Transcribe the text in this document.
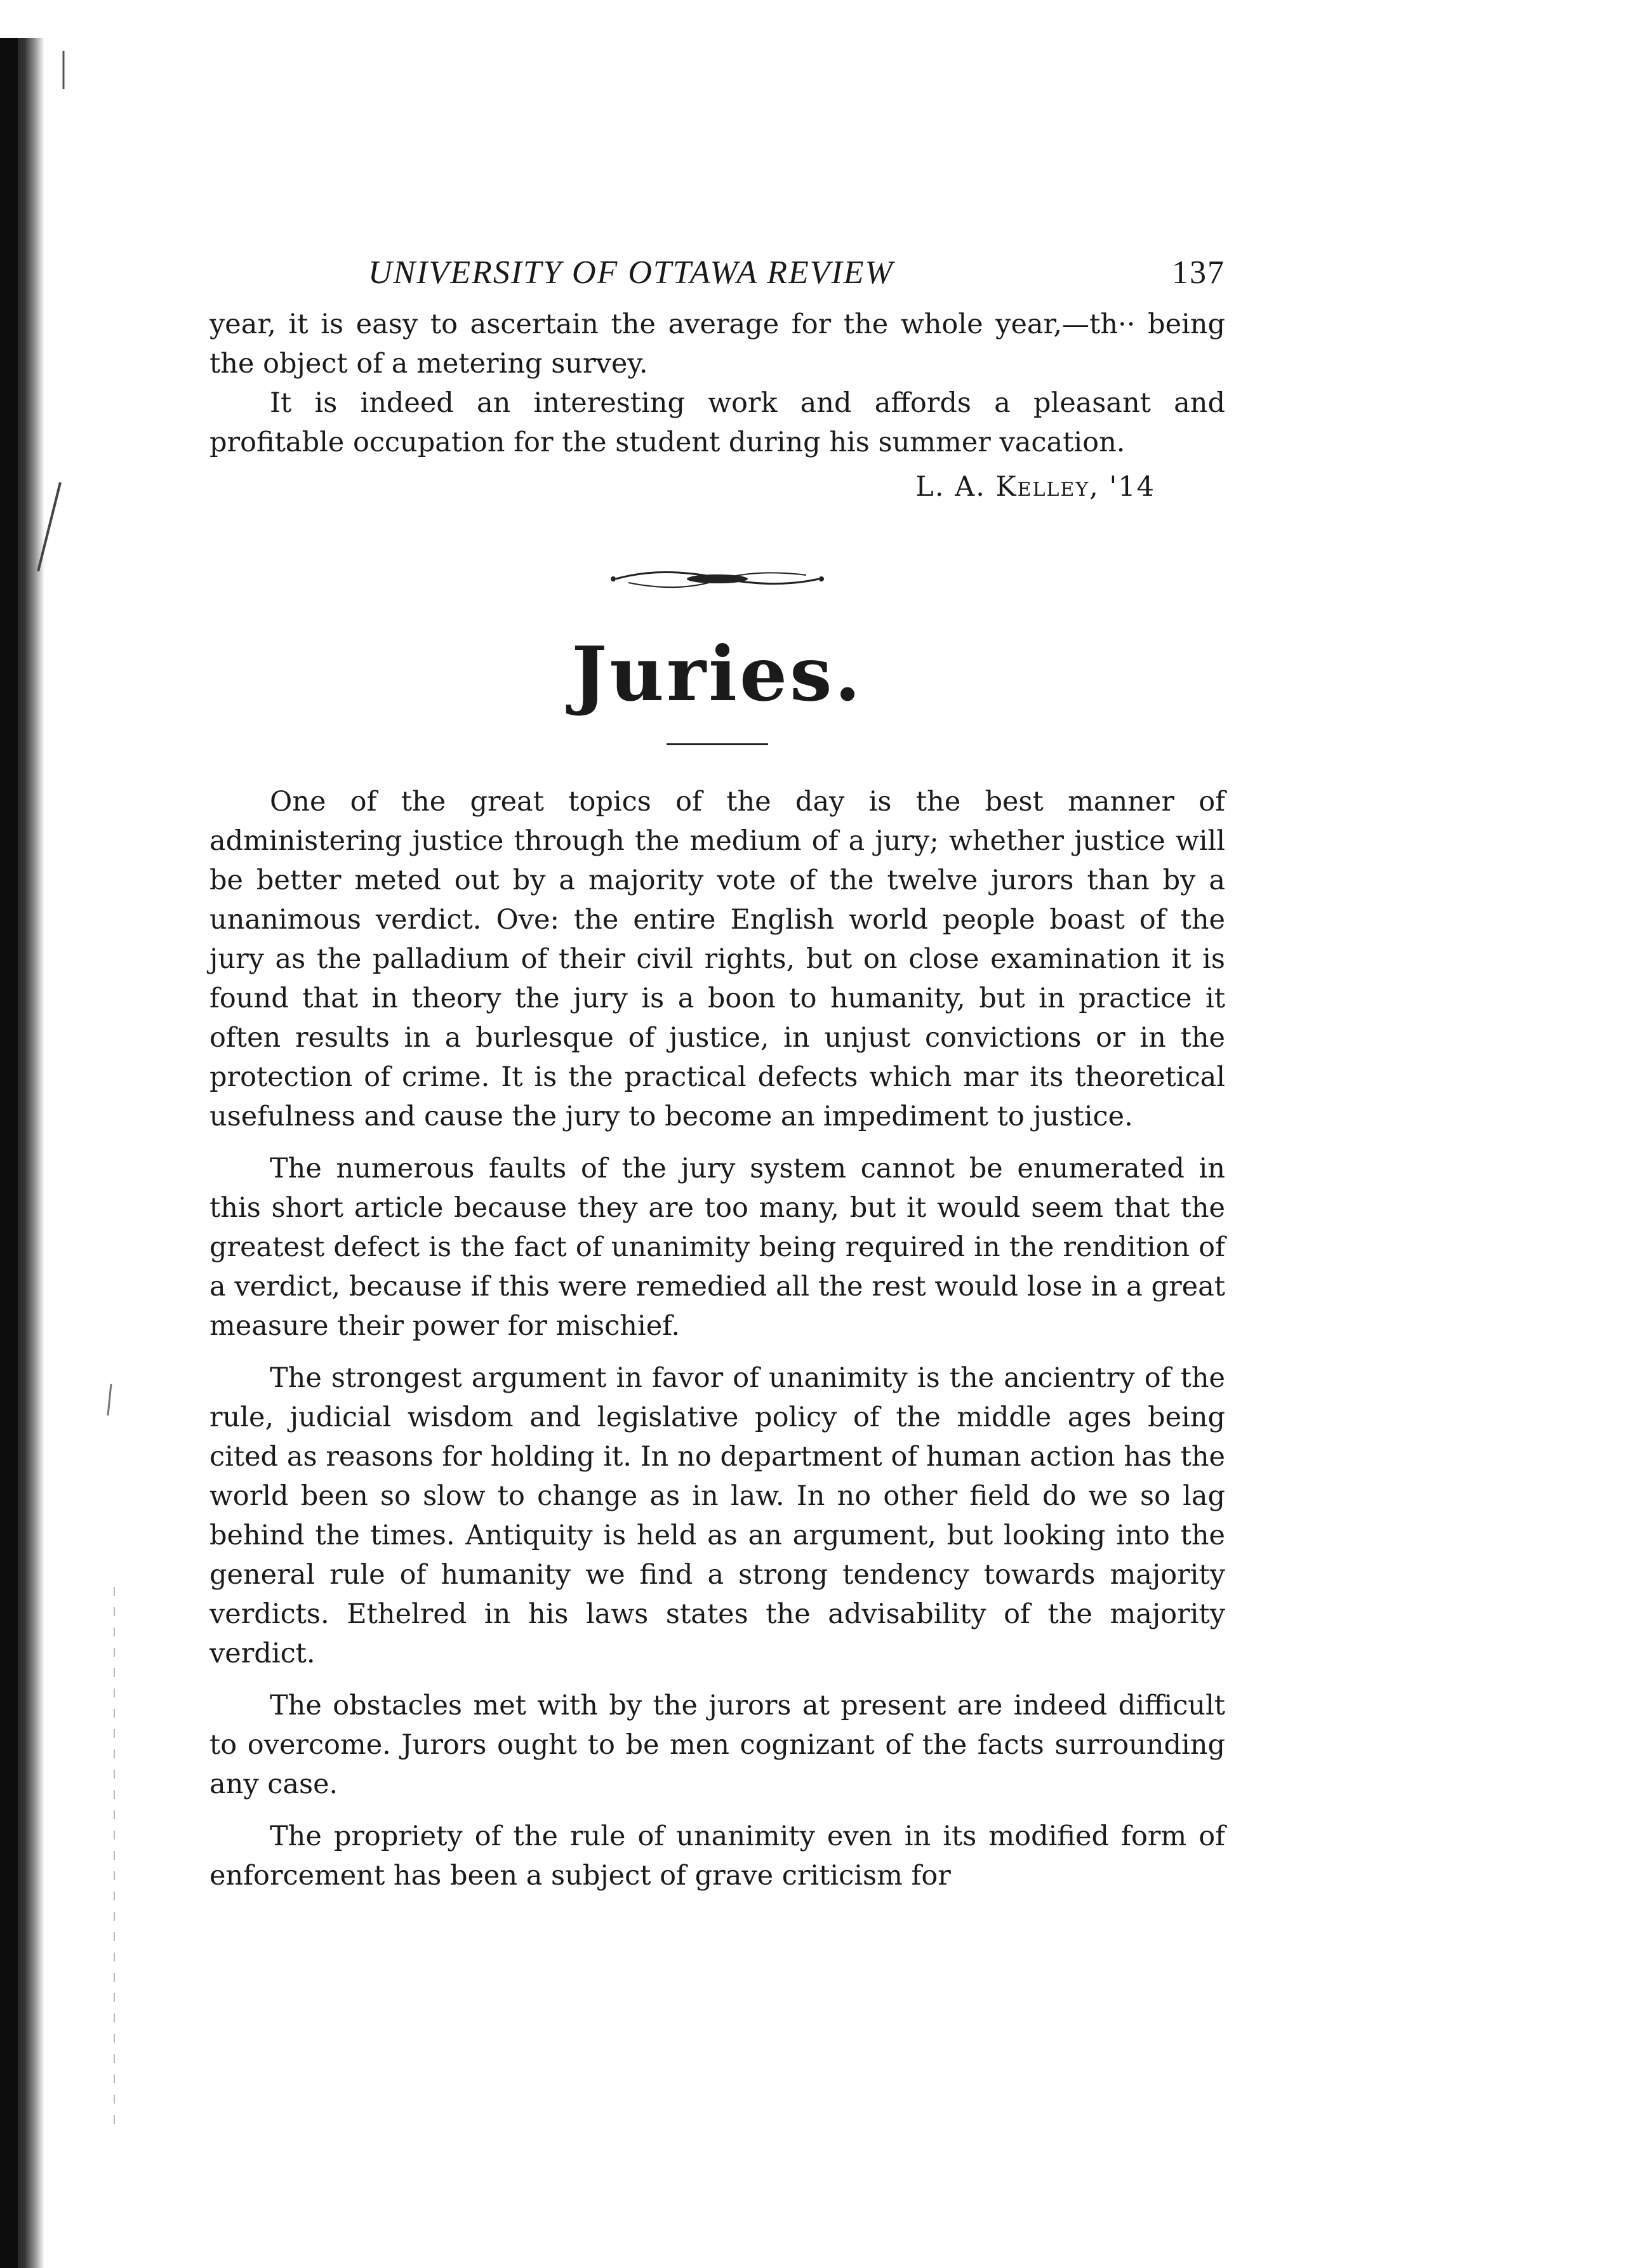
UNIVERSITY OF OTTAWA REVIEW	137

year, it is easy to ascertain the average for the whole year,—th·· being the object of a metering survey.

It is indeed an interesting work and affords a pleasant and profitable occupation for the student during his summer vacation.

L. A. Kelley, '14
Juries.

One of the great topics of the day is the best manner of administering justice through the medium of a jury; whether justice will be better meted out by a majority vote of the twelve jurors than by a unanimous verdict. Ove: the entire English world people boast of the jury as the palladium of their civil rights, but on close examination it is found that in theory the jury is a boon to humanity, but in practice it often results in a burlesque of justice, in unjust convictions or in the protection of crime. It is the practical defects which mar its theoretical usefulness and cause the jury to become an impediment to justice.

The numerous faults of the jury system cannot be enumerated in this short article because they are too many, but it would seem that the greatest defect is the fact of unanimity being required in the rendition of a verdict, because if this were remedied all the rest would lose in a great measure their power for mischief.

The strongest argument in favor of unanimity is the ancientry of the rule, judicial wisdom and legislative policy of the middle ages being cited as reasons for holding it. In no department of human action has the world been so slow to change as in law. In no other field do we so lag behind the times. Antiquity is held as an argument, but looking into the general rule of humanity we find a strong tendency towards majority verdicts. Ethelred in his laws states the advisability of the majority verdict.

The obstacles met with by the jurors at present are indeed difficult to overcome. Jurors ought to be men cognizant of the facts surrounding any case.

The propriety of the rule of unanimity even in its modified form of enforcement has been a subject of grave criticism for
